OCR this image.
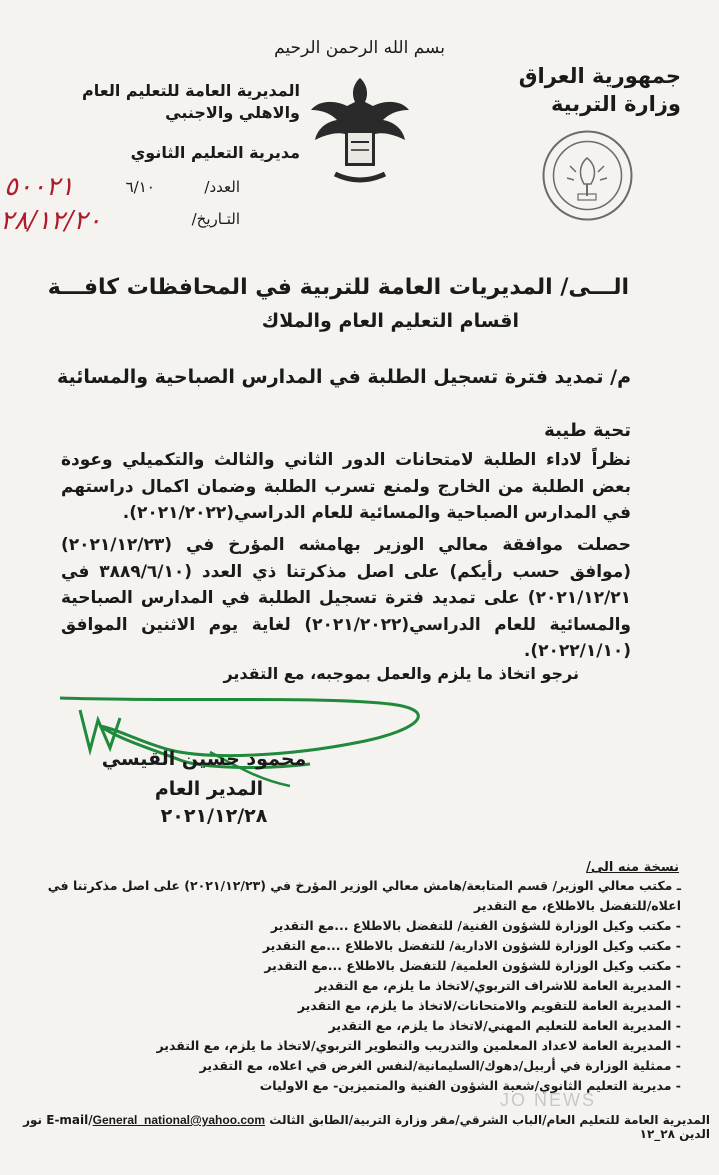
بسم الله الرحمن الرحيم
جمهورية العراق
وزارة التربية
المديرية العامة للتعليم العام
والاهلي والاجنبي
مديرية التعليم الثانوي
العدد/  ٦/١٠
التـاريخ/
٥٠٠٢١
٢٨/١٢/٢٠
الـــى/ المديريات العامة للتربية في المحافظات كافـــة
اقسام التعليم العام والملاك
م/ تمديد فترة تسجيل الطلبة في المدارس الصباحية والمسائية
تحية طيبة
نظراً لاداء الطلبة لامتحانات الدور الثاني والثالث والتكميلي وعودة بعض الطلبة من الخارج ولمنع تسرب الطلبة وضمان اكمال دراستهم في المدارس الصباحية والمسائية للعام الدراسي(٢٠٢١/٢٠٢٢).
حصلت موافقة معالي الوزير بهامشه المؤرخ في (٢٠٢١/١٢/٢٣)(موافق حسب رأيكم) على اصل مذكرتنا ذي العدد (٣٨٨٩/٦/١٠ في ٢٠٢١/١٢/٢١) على تمديد فترة تسجيل الطلبة في المدارس الصباحية والمسائية للعام الدراسي(٢٠٢١/٢٠٢٢) لغاية يوم الاثنين الموافق (٢٠٢٢/١/١٠).
نرجو اتخاذ ما يلزم والعمل بموجبه، مع التقدير
محمود حسين القيسي
المدير العام
٢٠٢١/١٢/٢٨
نسخة منه الى/
ـ مكتب معالي الوزير/ قسم المتابعة/هامش معالي الوزير المؤرخ في (٢٠٢١/١٢/٢٣) على اصل مذكرتنا في اعلاه/للتفضل بالاطلاع، مع التقدير
- مكتب وكيل الوزارة للشؤون الفنية/ للتفضل بالاطلاع ...مع التقدير
- مكتب وكيل الوزارة للشؤون الادارية/ للتفضل بالاطلاع ...مع التقدير
- مكتب وكيل الوزارة للشؤون العلمية/ للتفضل بالاطلاع ...مع التقدير
- المديرية العامة للاشراف التربوي/لاتخاذ ما يلزم، مع التقدير
- المديرية العامة للتقويم والامتحانات/لاتخاذ ما يلزم، مع التقدير
- المديرية العامة للتعليم المهني/لاتخاذ ما يلزم، مع التقدير
- المديرية العامة لاعداد المعلمين والتدريب والتطوير التربوي/لاتخاذ ما يلزم، مع التقدير
- ممثلية الوزارة في أربيل/دهوك/السليمانية/لنفس الغرض في اعلاه، مع التقدير
- مديرية التعليم الثانوي/شعبة الشؤون الفنية والمتميزين- مع الاوليات
المديرية العامة للتعليم العام/الباب الشرقي/مقر وزارة التربية/الطابق الثالث E-mail/General_national@yahoo.com نور الدين ٢٨_١٢
JO NEWS
